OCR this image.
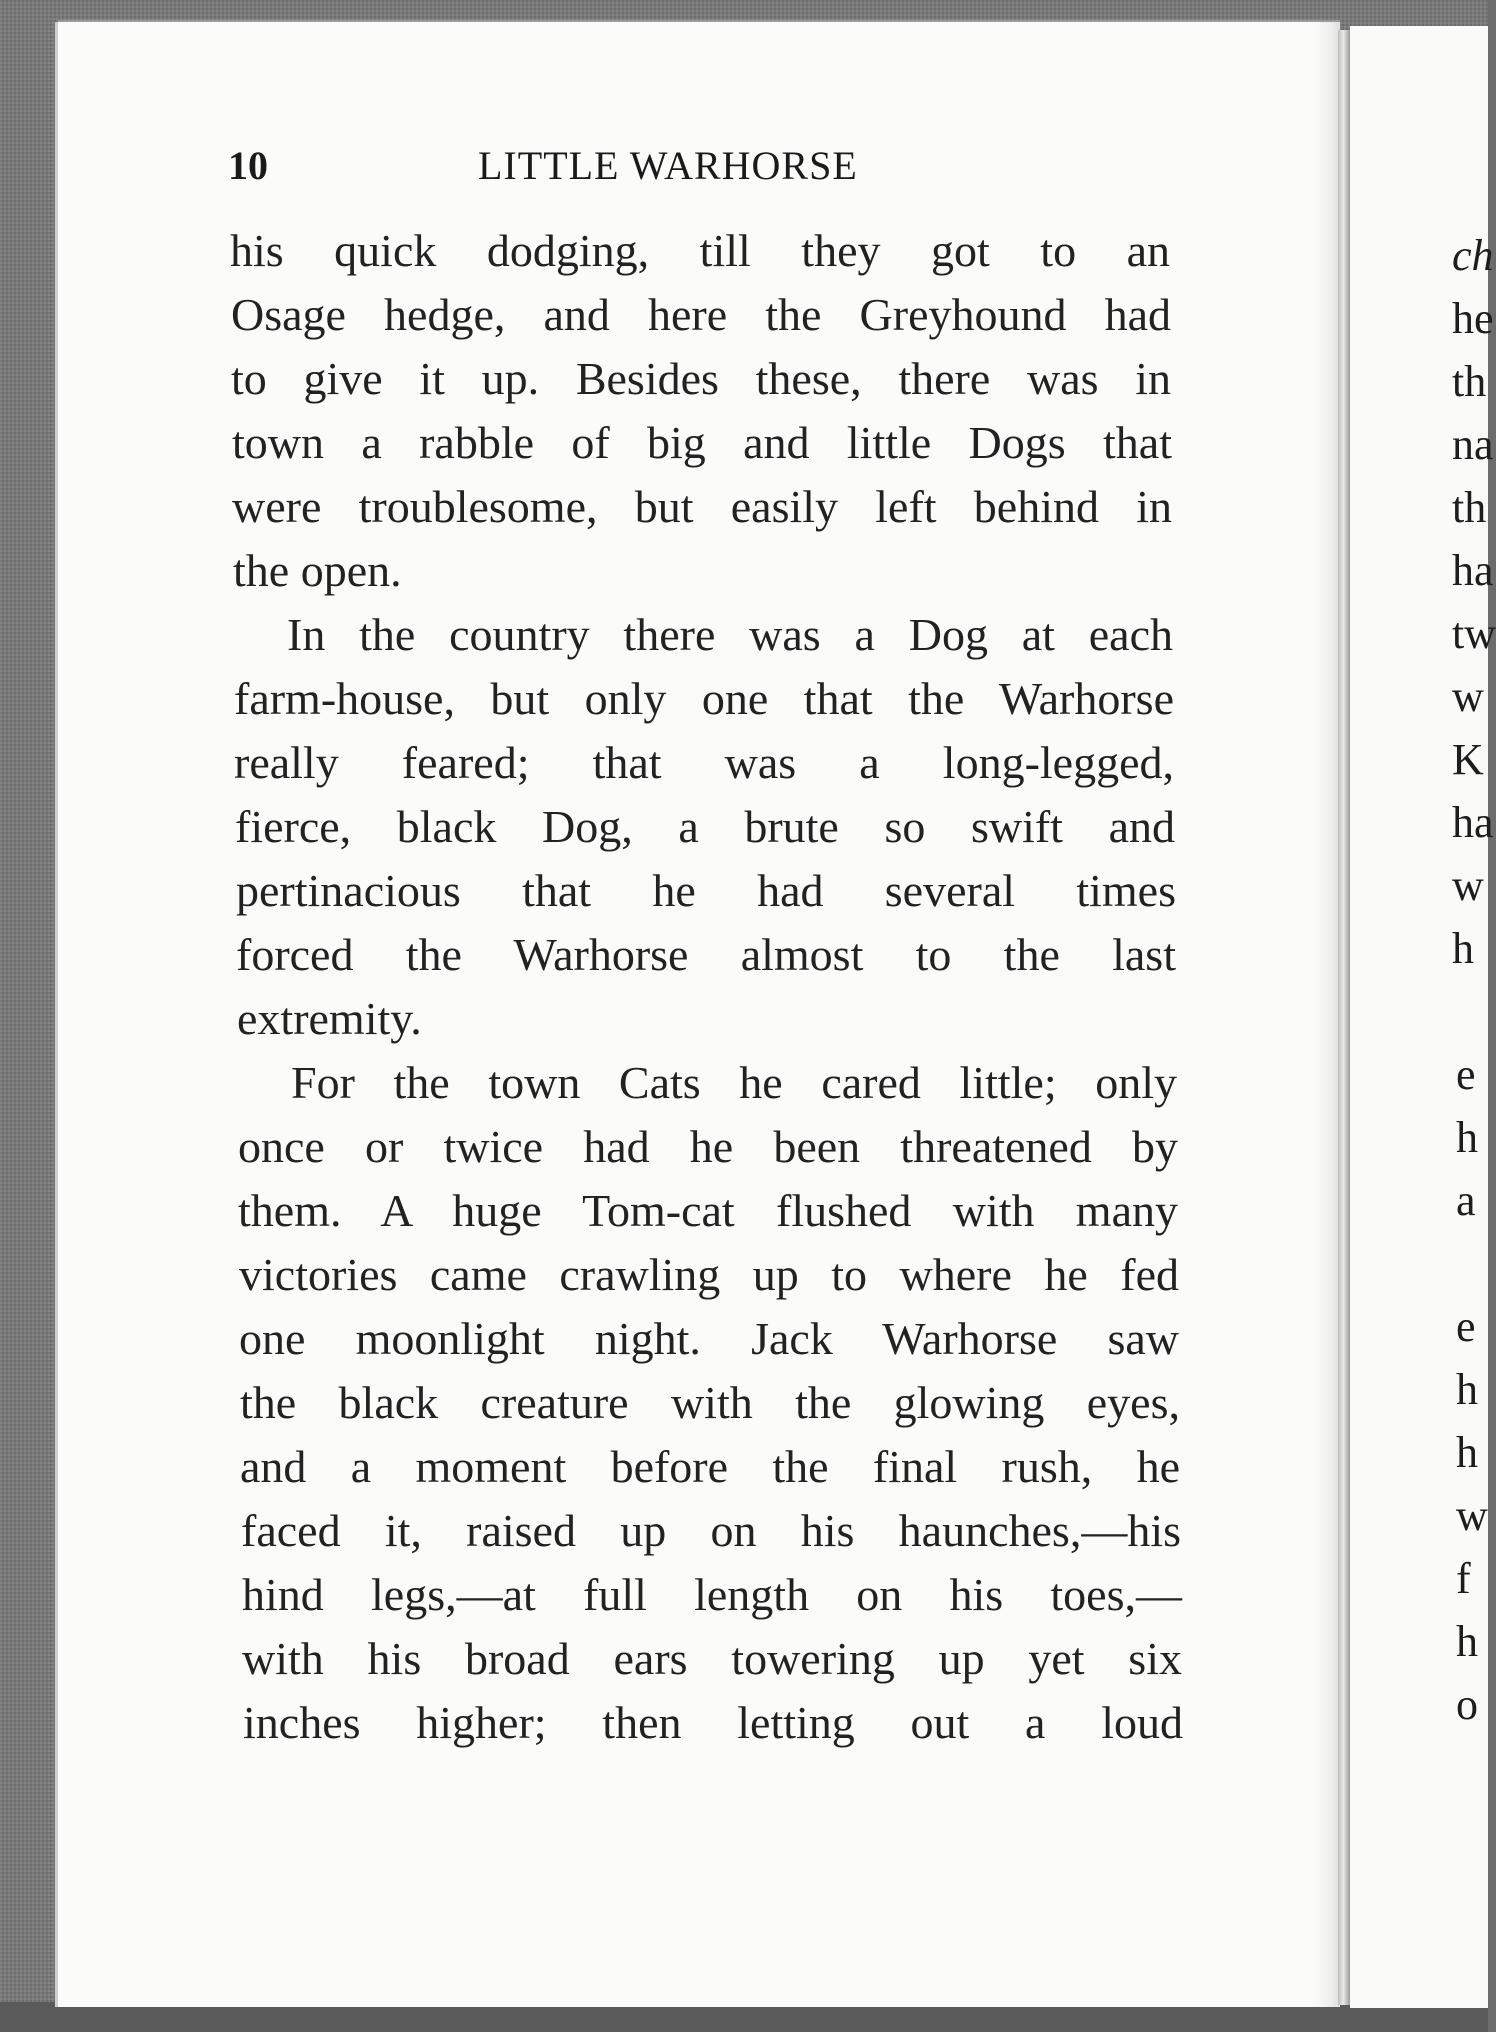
ch
he
th
na
th
ha
tw
w
K
ha
w
h
e
h
a
e
h
h
w
f
h
o
10	LITTLE WARHORSE
his quick dodging, till they got to an
Osage hedge, and here the Greyhound had
to give it up. Besides these, there was in
town a rabble of big and little Dogs that
were troublesome, but easily left behind in
the open.
In the country there was a Dog at each
farm-house, but only one that the Warhorse
really feared; that was a long-legged,
fierce, black Dog, a brute so swift and
pertinacious that he had several times
forced the Warhorse almost to the last
extremity.
For the town Cats he cared little; only
once or twice had he been threatened by
them. A huge Tom-cat flushed with many
victories came crawling up to where he fed
one moonlight night. Jack Warhorse saw
the black creature with the glowing eyes,
and a moment before the final rush, he
faced it, raised up on his haunches,—his
hind legs,—at full length on his toes,—
with his broad ears towering up yet six
inches higher; then letting out a loud
